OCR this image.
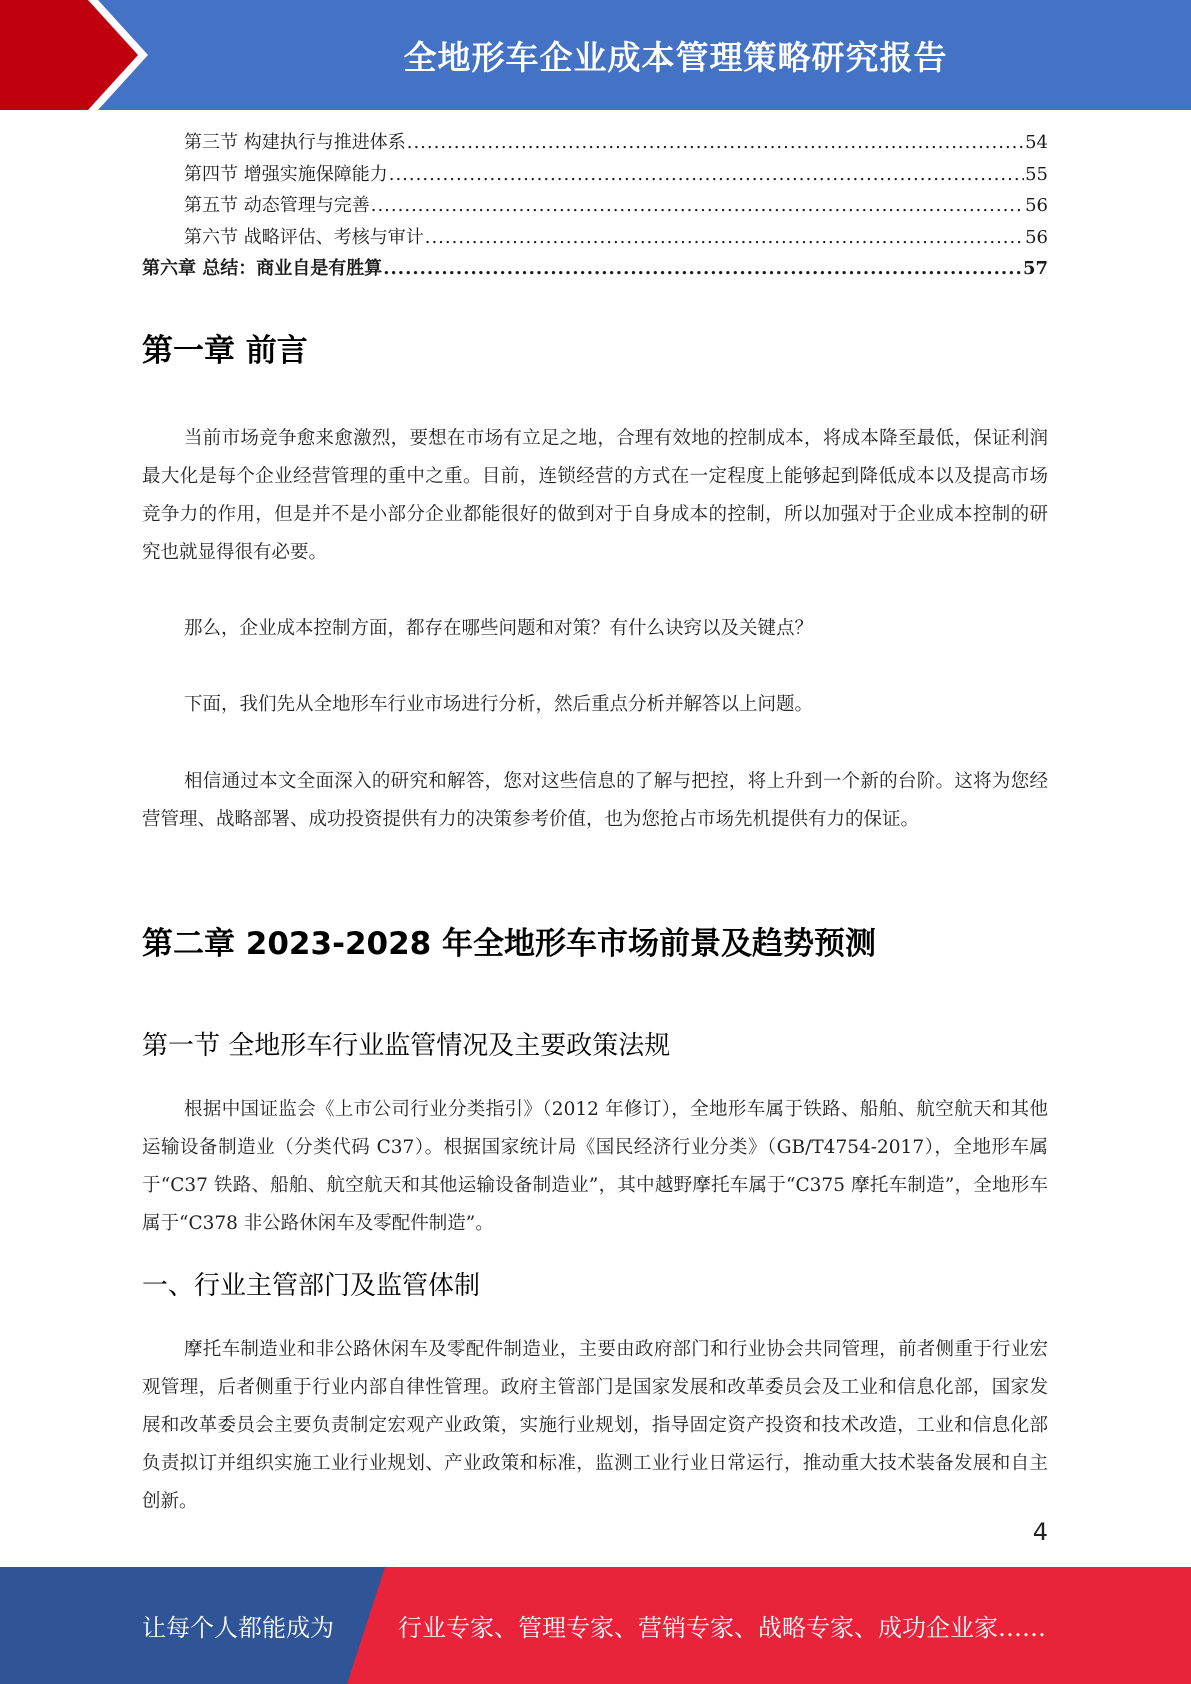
全地形车企业成本管理策略研究报告
第三节 构建执行与推进体系 .....	54
第四节 增强实施保障能力 .....	55
第五节 动态管理与完善 .....	56
第六节 战略评估、考核与审计 .....	56
第六章 总结：商业自是有胜算 .....	57
第一章 前言

当前市场竞争愈来愈激烈，要想在市场有立足之地，合理有效地的控制成本，将成本降至最低，保证利润最大化是每个企业经营管理的重中之重。目前，连锁经营的方式在一定程度上能够起到降低成本以及提高市场竞争力的作用，但是并不是小部分企业都能很好的做到对于自身成本的控制，所以加强对于企业成本控制的研究也就显得很有必要。

那么，企业成本控制方面，都存在哪些问题和对策？有什么诀窍以及关键点？

下面，我们先从全地形车行业市场进行分析，然后重点分析并解答以上问题。

相信通过本文全面深入的研究和解答，您对这些信息的了解与把控，将上升到一个新的台阶。这将为您经营管理、战略部署、成功投资提供有力的决策参考价值，也为您抢占市场先机提供有力的保证。

第二章 2023-2028 年全地形车市场前景及趋势预测
第一节 全地形车行业监管情况及主要政策法规

根据中国证监会《上市公司行业分类指引》（2012 年修订），全地形车属于铁路、船舶、航空航天和其他运输设备制造业（分类代码 C37）。根据国家统计局《国民经济行业分类》（GB/T4754-2017），全地形车属于“C37 铁路、船舶、航空航天和其他运输设备制造业”，其中越野摩托车属于“C375 摩托车制造”，全地形车属于“C378 非公路休闲车及零配件制造”。

一、行业主管部门及监管体制

摩托车制造业和非公路休闲车及零配件制造业，主要由政府部门和行业协会共同管理，前者侧重于行业宏观管理，后者侧重于行业内部自律性管理。政府主管部门是国家发展和改革委员会及工业和信息化部，国家发展和改革委员会主要负责制定宏观产业政策，实施行业规划，指导固定资产投资和技术改造，工业和信息化部负责拟订并组织实施工业行业规划、产业政策和标准，监测工业行业日常运行，推动重大技术装备发展和自主创新。

4
让每个人都能成为	行业专家、管理专家、营销专家、战略专家、成功企业家……
